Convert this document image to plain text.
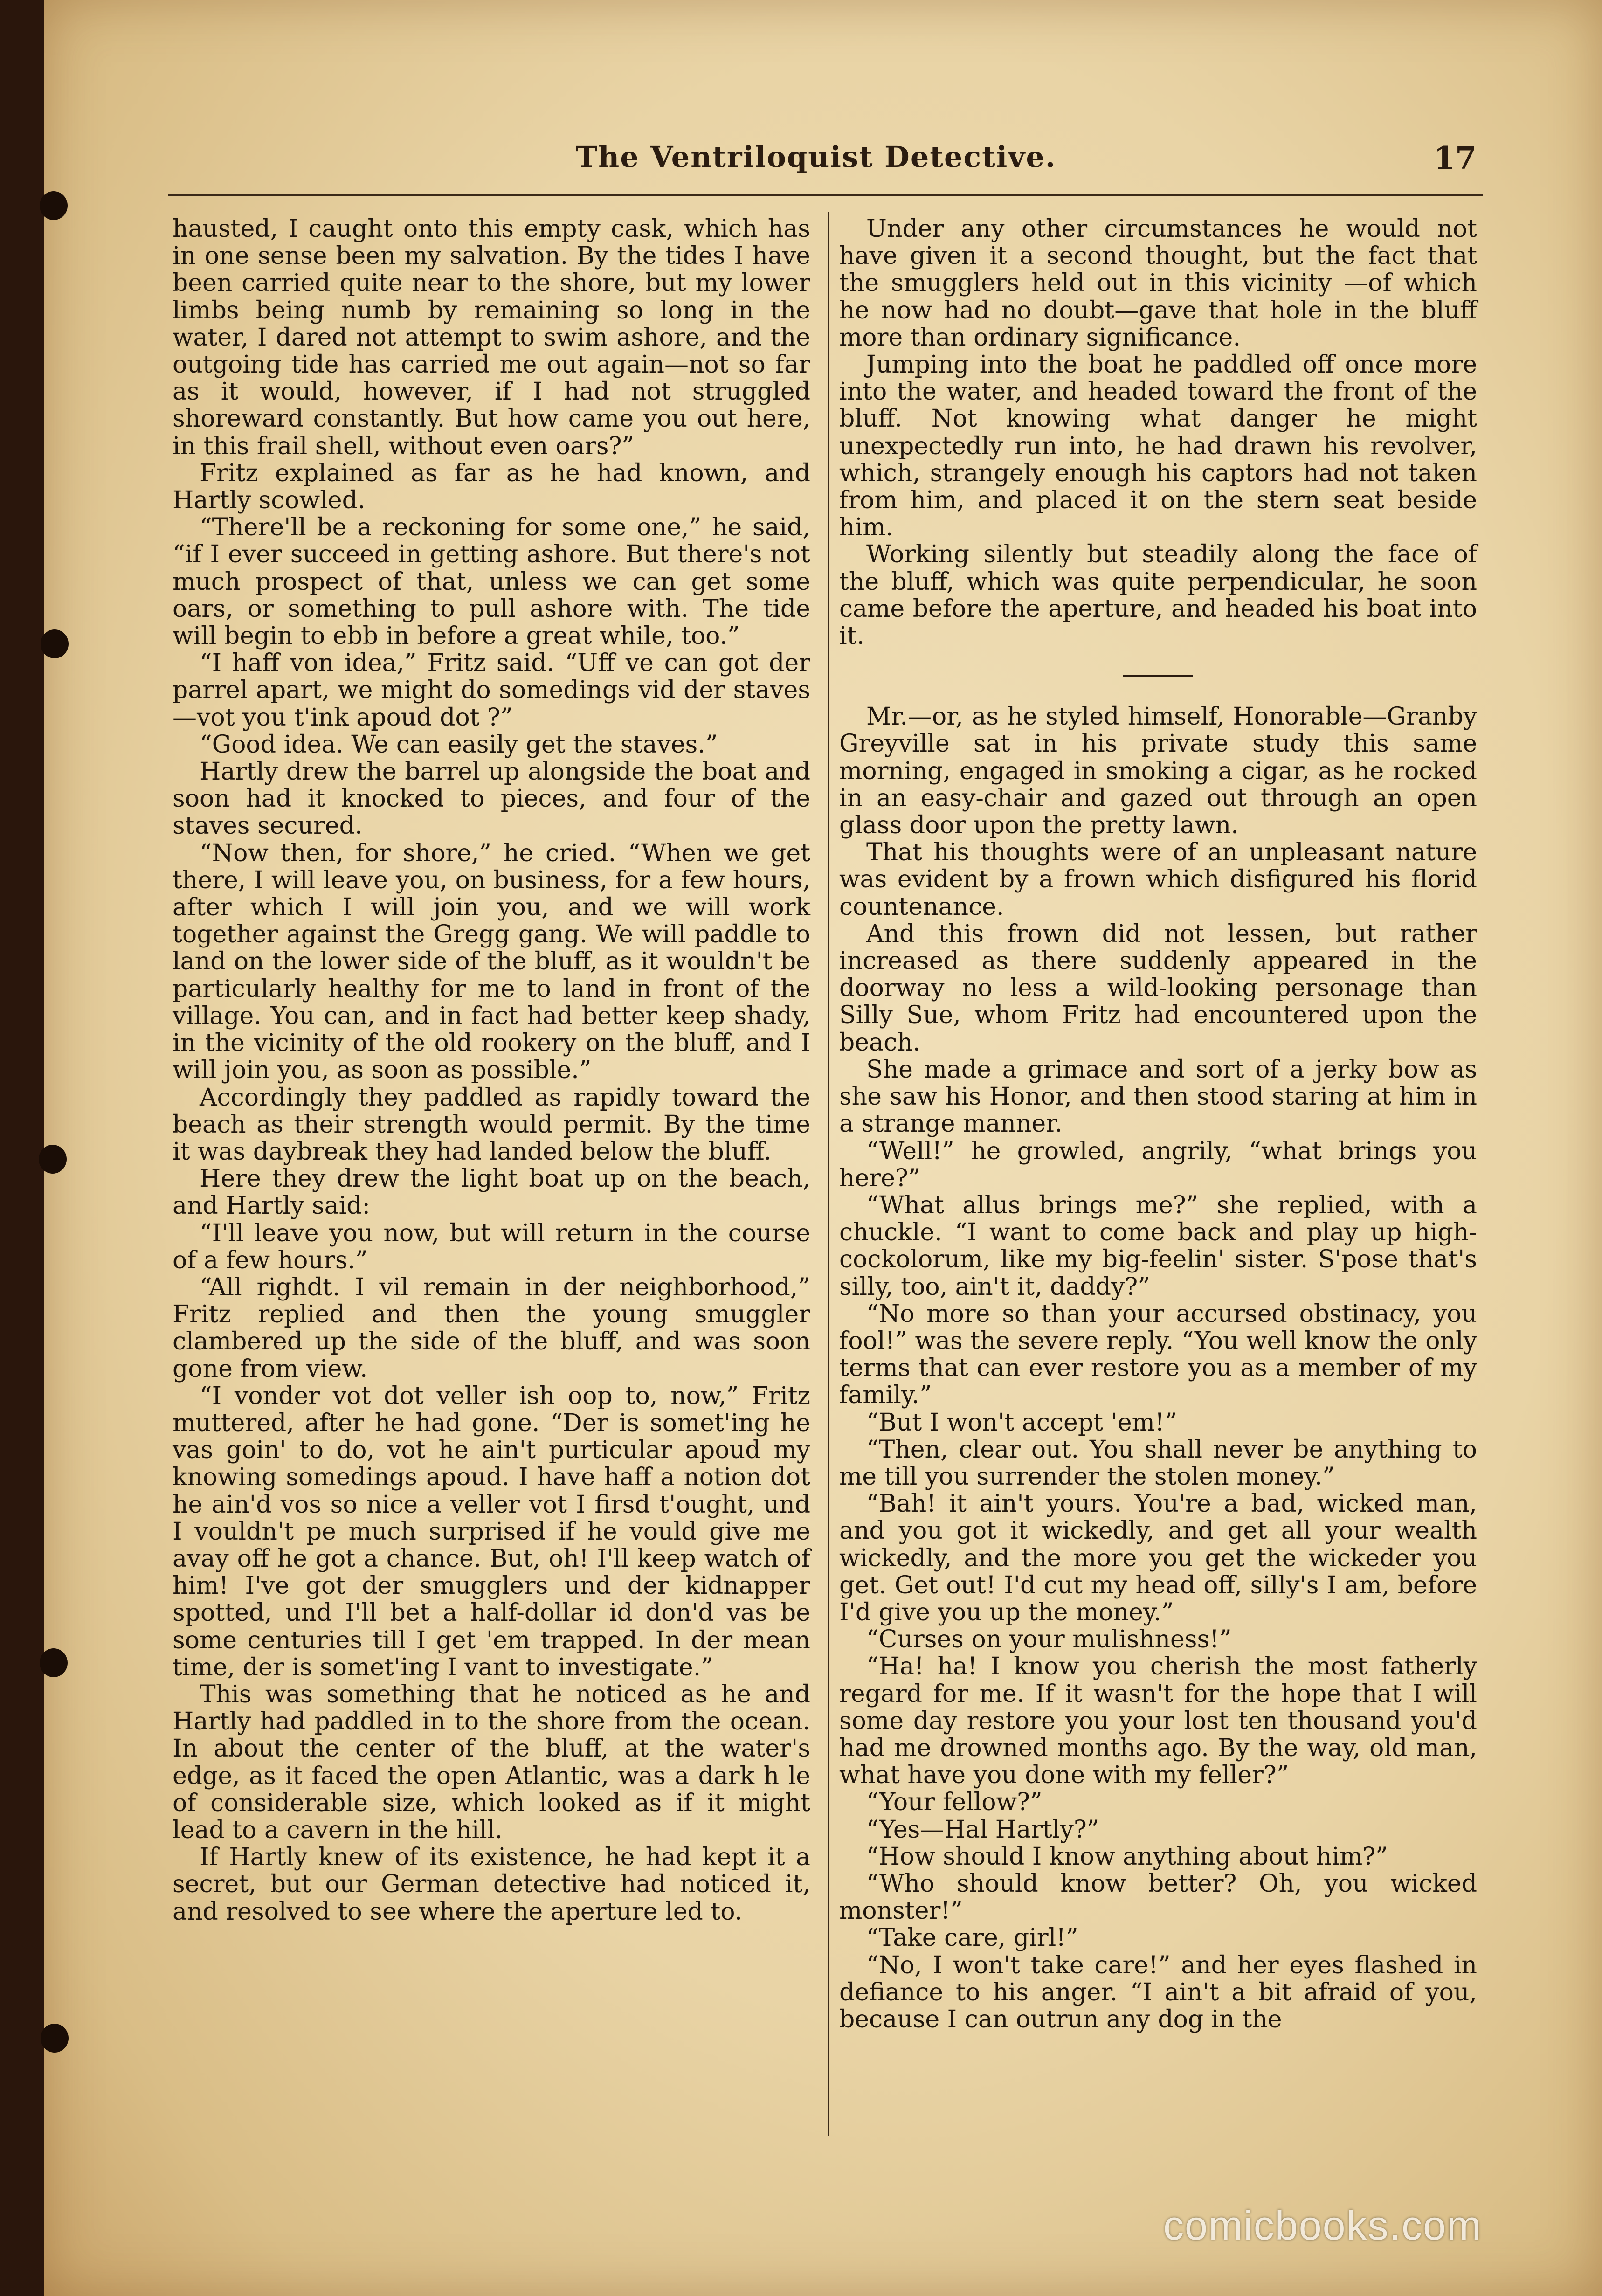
The Ventriloquist Detective.	17

hausted, I caught onto this empty cask, which has in one sense been my salvation. By the tides I have been carried quite near to the shore, but my lower limbs being numb by remaining so long in the water, I dared not attempt to swim ashore, and the outgoing tide has carried me out again—not so far as it would, however, if I had not struggled shoreward constantly. But how came you out here, in this frail shell, without even oars?”

Fritz explained as far as he had known, and Hartly scowled.

“There'll be a reckoning for some one,” he said, “if I ever succeed in getting ashore. But there's not much prospect of that, unless we can get some oars, or something to pull ashore with. The tide will begin to ebb in before a great while, too.”

“I haff von idea,” Fritz said. “Uff ve can got der parrel apart, we might do somedings vid der staves—vot you t'ink apoud dot ?”

“Good idea. We can easily get the staves.”

Hartly drew the barrel up alongside the boat and soon had it knocked to pieces, and four of the staves secured.

“Now then, for shore,” he cried. “When we get there, I will leave you, on business, for a few hours, after which I will join you, and we will work together against the Gregg gang. We will paddle to land on the lower side of the bluff, as it wouldn't be particularly healthy for me to land in front of the village. You can, and in fact had better keep shady, in the vicinity of the old rookery on the bluff, and I will join you, as soon as possible.”

Accordingly they paddled as rapidly toward the beach as their strength would permit. By the time it was daybreak they had landed below the bluff.

Here they drew the light boat up on the beach, and Hartly said:

“I'll leave you now, but will return in the course of a few hours.”

“All righdt. I vil remain in der neighborhood,” Fritz replied and then the young smuggler clambered up the side of the bluff, and was soon gone from view.

“I vonder vot dot veller ish oop to, now,” Fritz muttered, after he had gone. “Der is somet'ing he vas goin' to do, vot he ain't purticular apoud my knowing somedings apoud. I have haff a notion dot he ain'd vos so nice a veller vot I firsd t'ought, und I vouldn't pe much surprised if he vould give me avay off he got a chance. But, oh! I'll keep watch of him! I've got der smugglers und der kidnapper spotted, und I'll bet a half-dollar id don'd vas be some centuries till I get 'em trapped. In der mean time, der is somet'ing I vant to investigate.”

This was something that he noticed as he and Hartly had paddled in to the shore from the ocean. In about the center of the bluff, at the water's edge, as it faced the open Atlantic, was a dark h le of considerable size, which looked as if it might lead to a cavern in the hill.

If Hartly knew of its existence, he had kept it a secret, but our German detective had noticed it, and resolved to see where the aperture led to.

Under any other circumstances he would not have given it a second thought, but the fact that the smugglers held out in this vicinity —of which he now had no doubt—gave that hole in the bluff more than ordinary significance.

Jumping into the boat he paddled off once more into the water, and headed toward the front of the bluff. Not knowing what danger he might unexpectedly run into, he had drawn his revolver, which, strangely enough his captors had not taken from him, and placed it on the stern seat beside him.

Working silently but steadily along the face of the bluff, which was quite perpendicular, he soon came before the aperture, and headed his boat into it.

Mr.—or, as he styled himself, Honorable—Granby Greyville sat in his private study this same morning, engaged in smoking a cigar, as he rocked in an easy-chair and gazed out through an open glass door upon the pretty lawn.

That his thoughts were of an unpleasant nature was evident by a frown which disfigured his florid countenance.

And this frown did not lessen, but rather increased as there suddenly appeared in the doorway no less a wild-looking personage than Silly Sue, whom Fritz had encountered upon the beach.

She made a grimace and sort of a jerky bow as she saw his Honor, and then stood staring at him in a strange manner.

“Well!” he growled, angrily, “what brings you here?”

“What allus brings me?” she replied, with a chuckle. “I want to come back and play up high-cockolorum, like my big-feelin' sister. S'pose that's silly, too, ain't it, daddy?”

“No more so than your accursed obstinacy, you fool!” was the severe reply. “You well know the only terms that can ever restore you as a member of my family.”

“But I won't accept 'em!”

“Then, clear out. You shall never be anything to me till you surrender the stolen money.”

“Bah! it ain't yours. You're a bad, wicked man, and you got it wickedly, and get all your wealth wickedly, and the more you get the wickeder you get. Get out! I'd cut my head off, silly's I am, before I'd give you up the money.”

“Curses on your mulishness!”

“Ha! ha! I know you cherish the most fatherly regard for me. If it wasn't for the hope that I will some day restore you your lost ten thousand you'd had me drowned months ago. By the way, old man, what have you done with my feller?”

“Your fellow?”

“Yes—Hal Hartly?”

“How should I know anything about him?”

“Who should know better? Oh, you wicked monster!”

“Take care, girl!”

“No, I won't take care!” and her eyes flashed in defiance to his anger. “I ain't a bit afraid of you, because I can outrun any dog in the

comicbooks.com
